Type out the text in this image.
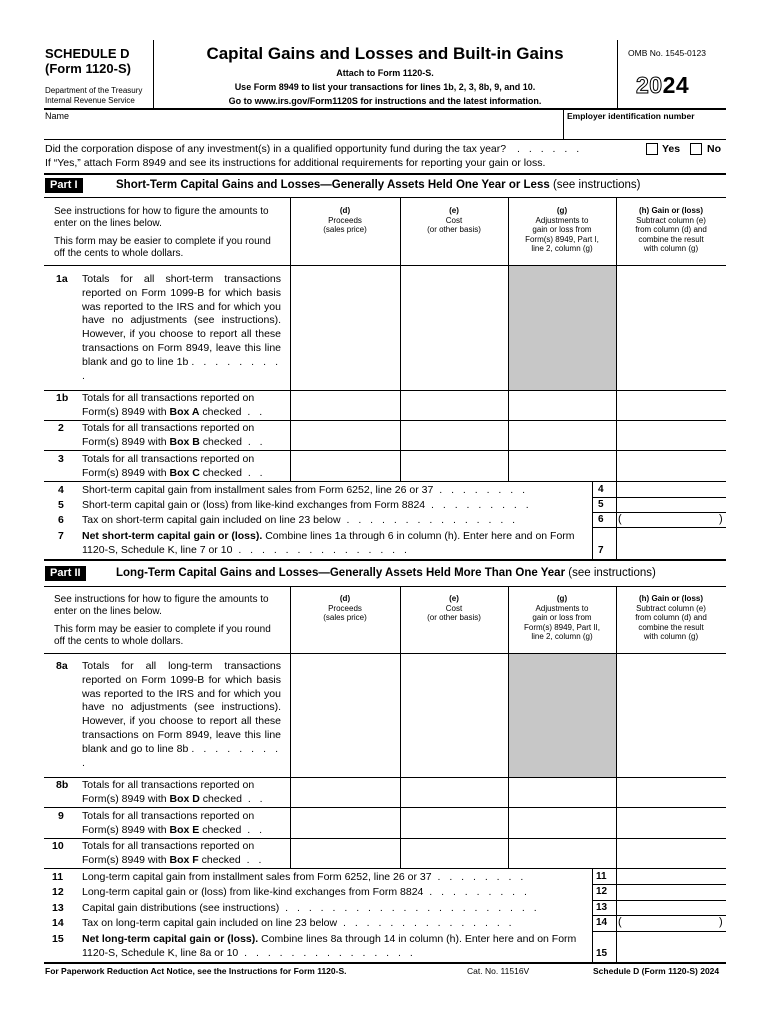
SCHEDULE D
(Form 1120-S)
Department of the Treasury
Internal Revenue Service
Capital Gains and Losses and Built-in Gains
Attach to Form 1120-S.
Use Form 8949 to list your transactions for lines 1b, 2, 3, 8b, 9, and 10.
Go to www.irs.gov/Form1120S for instructions and the latest information.
OMB No. 1545-0123
2024
Name	Employer identification number
Did the corporation dispose of any investment(s) in a qualified opportunity fund during the tax year? . . . . . .	Yes	No
If “Yes,” attach Form 8949 and see its instructions for additional requirements for reporting your gain or loss.
Part I	Short-Term Capital Gains and Losses—Generally Assets Held One Year or Less (see instructions)
See instructions for how to figure the amounts to enter on the lines below.
This form may be easier to complete if you round off the cents to whole dollars.
(d)
Proceeds
(sales price)
(e)
Cost
(or other basis)
(g)
Adjustments to
gain or loss from
Form(s) 8949, Part I,
line 2, column (g)
(h) Gain or (loss)
Subtract column (e)
from column (d) and
combine the result
with column (g)
1a Totals for all short-term transactions reported on Form 1099-B for which basis was reported to the IRS and for which you have no adjustments (see instructions). However, if you choose to report all these transactions on Form 8949, leave this line blank and go to line 1b . . . . . . . . .
1b Totals for all transactions reported on Form(s) 8949 with Box A checked . .
2 Totals for all transactions reported on Form(s) 8949 with Box B checked . .
3 Totals for all transactions reported on Form(s) 8949 with Box C checked . .
4 Short-term capital gain from installment sales from Form 6252, line 26 or 37 . . . . . . . .	4
5 Short-term capital gain or (loss) from like-kind exchanges from Form 8824 . . . . . . . . .	5
6 Tax on short-term capital gain included on line 23 below . . . . . . . . . . . . . . .	6 (	)
7 Net short-term capital gain or (loss). Combine lines 1a through 6 in column (h). Enter here and on Form 1120-S, Schedule K, line 7 or 10 . . . . . . . . . . . . . . .	7
Part II	Long-Term Capital Gains and Losses—Generally Assets Held More Than One Year (see instructions)
See instructions for how to figure the amounts to enter on the lines below.
This form may be easier to complete if you round off the cents to whole dollars.
(d)
Proceeds
(sales price)
(e)
Cost
(or other basis)
(g)
Adjustments to
gain or loss from
Form(s) 8949, Part II,
line 2, column (g)
(h) Gain or (loss)
Subtract column (e)
from column (d) and
combine the result
with column (g)
8a Totals for all long-term transactions reported on Form 1099-B for which basis was reported to the IRS and for which you have no adjustments (see instructions). However, if you choose to report all these transactions on Form 8949, leave this line blank and go to line 8b . . . . . . . . .
8b Totals for all transactions reported on Form(s) 8949 with Box D checked . .
9 Totals for all transactions reported on Form(s) 8949 with Box E checked . .
10 Totals for all transactions reported on Form(s) 8949 with Box F checked . .
11 Long-term capital gain from installment sales from Form 6252, line 26 or 37 . . . . . . . .	11
12 Long-term capital gain or (loss) from like-kind exchanges from Form 8824 . . . . . . . . .	12
13 Capital gain distributions (see instructions) . . . . . . . . . . . . . . . . . . . . . .	13
14 Tax on long-term capital gain included on line 23 below . . . . . . . . . . . . . . .	14 (	)
15 Net long-term capital gain or (loss). Combine lines 8a through 14 in column (h). Enter here and on Form 1120-S, Schedule K, line 8a or 10 . . . . . . . . . . . . . . .	15
For Paperwork Reduction Act Notice, see the Instructions for Form 1120-S.	Cat. No. 11516V	Schedule D (Form 1120-S) 2024
